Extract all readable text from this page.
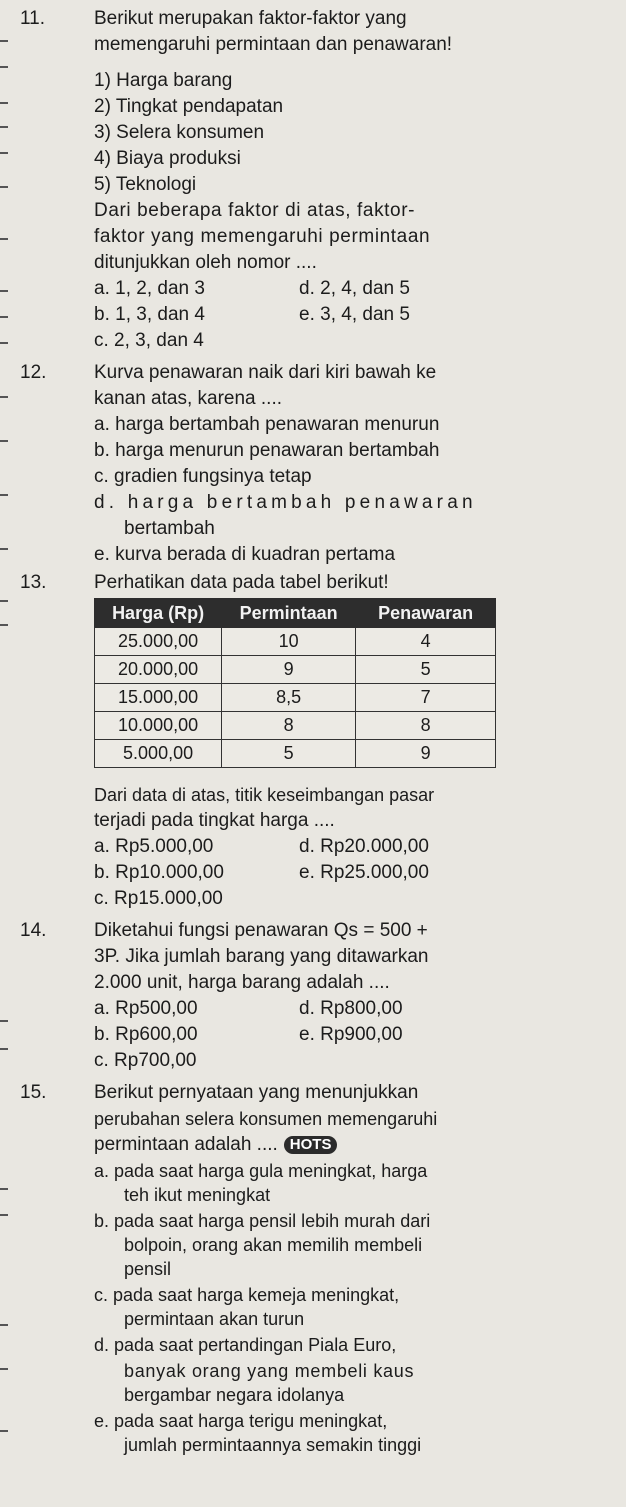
11.	Berikut merupakan faktor-faktor yang
memengaruhi permintaan dan penawaran!
1) Harga barang
2) Tingkat pendapatan
3) Selera konsumen
4) Biaya produksi
5) Teknologi
Dari beberapa faktor di atas, faktor-
faktor yang memengaruhi permintaan
ditunjukkan oleh nomor ....
a. 1, 2, dan 3	d. 2, 4, dan 5
b. 1, 3, dan 4	e. 3, 4, dan 5
c. 2, 3, dan 4
12.	Kurva penawaran naik dari kiri bawah ke
kanan atas, karena ....
a. harga bertambah penawaran menurun
b. harga menurun penawaran bertambah
c. gradien fungsinya tetap
d. harga bertambah penawaran
bertambah
e. kurva berada di kuadran pertama
13.	Perhatikan data pada tabel berikut!
Harga (Rp)	Permintaan	Penawaran
25.000,00	10	4
20.000,00	9	5
15.000,00	8,5	7
10.000,00	8	8
5.000,00	5	9
Dari data di atas, titik keseimbangan pasar
terjadi pada tingkat harga ....
a. Rp5.000,00	d. Rp20.000,00
b. Rp10.000,00	e. Rp25.000,00
c. Rp15.000,00
14.	Diketahui fungsi penawaran Qs = 500 +
3P. Jika jumlah barang yang ditawarkan
2.000 unit, harga barang adalah ....
a. Rp500,00	d. Rp800,00
b. Rp600,00	e. Rp900,00
c. Rp700,00
15.	Berikut pernyataan yang menunjukkan
perubahan selera konsumen memengaruhi
permintaan adalah .... HOTS
a. pada saat harga gula meningkat, harga
teh ikut meningkat
b. pada saat harga pensil lebih murah dari
bolpoin, orang akan memilih membeli
pensil
c. pada saat harga kemeja meningkat,
permintaan akan turun
d. pada saat pertandingan Piala Euro,
banyak orang yang membeli kaus
bergambar negara idolanya
e. pada saat harga terigu meningkat,
jumlah permintaannya semakin tinggi
